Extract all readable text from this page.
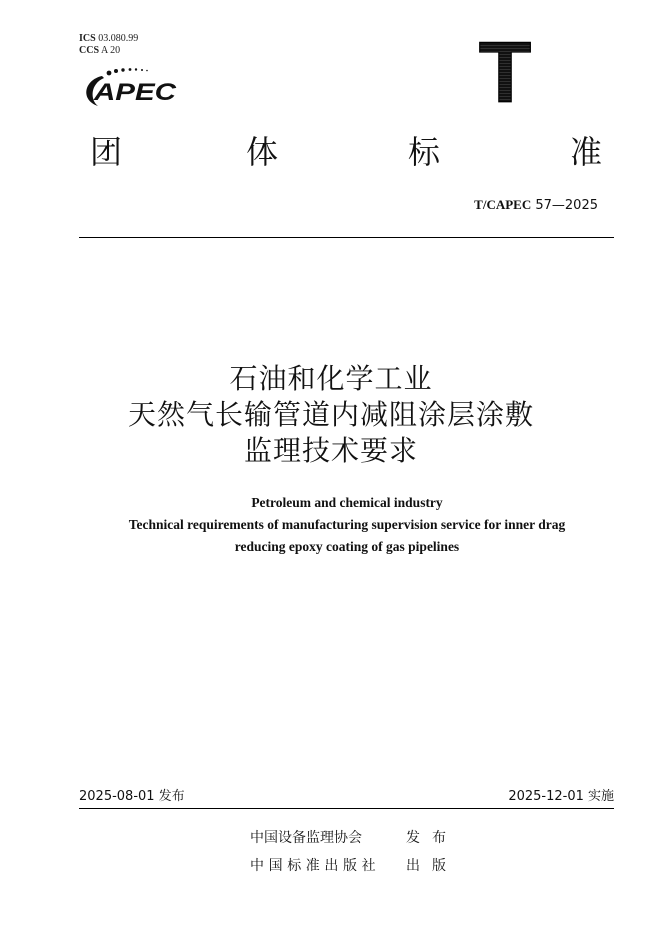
ICS 03.080.99
CCS A 20
APEC	T
团	体	标	准
T/CAPEC 57—2025
石油和化学工业
天然气长输管道内减阻涂层涂敷
监理技术要求
Petroleum and chemical industry
Technical requirements of manufacturing supervision service for inner drag
reducing epoxy coating of gas pipelines
2025-08-01 发布	2025-12-01 实施
中国设备监理协会	发布
中国标准出版社 出版
